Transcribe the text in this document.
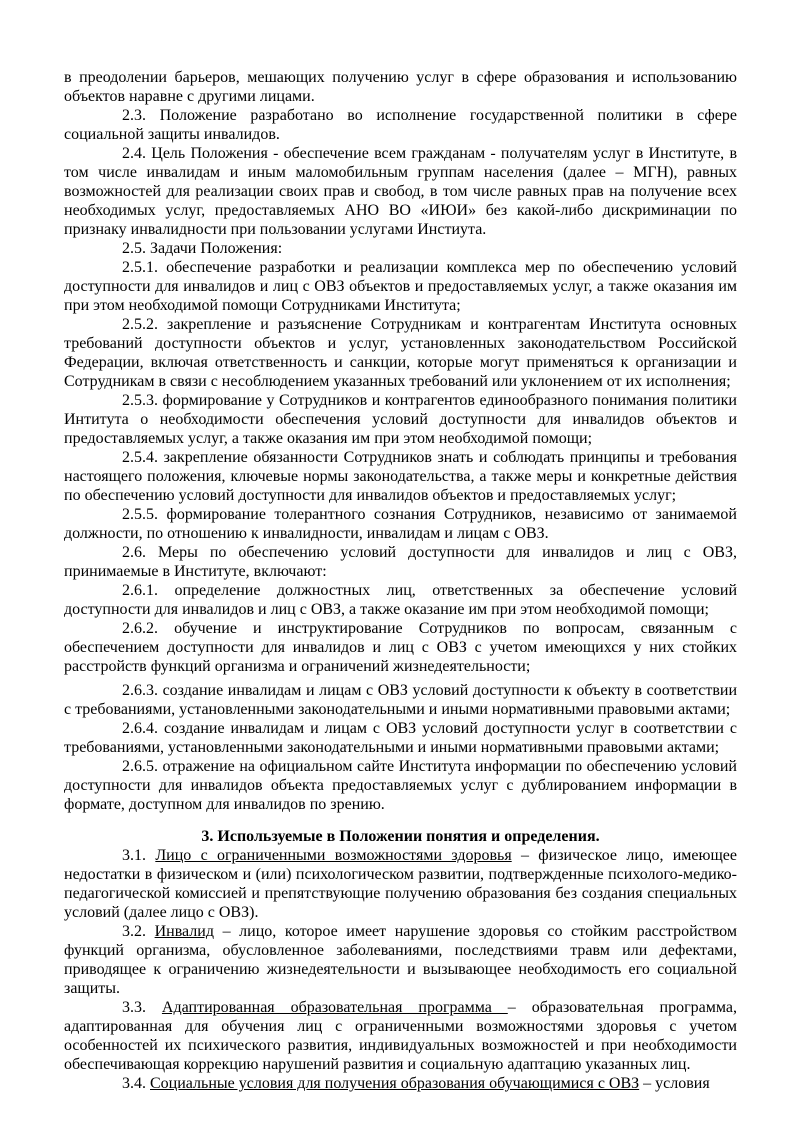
в преодолении барьеров, мешающих получению услуг в сфере образования и использованию объектов наравне с другими лицами.

2.3. Положение разработано во исполнение государственной политики в сфере социальной защиты инвалидов.

2.4. Цель Положения - обеспечение всем гражданам - получателям услуг в Институте, в том числе инвалидам и иным маломобильным группам населения (далее – МГН), равных возможностей для реализации своих прав и свобод, в том числе равных прав на получение всех необходимых услуг, предоставляемых АНО ВО «ИЮИ» без какой-либо дискриминации по признаку инвалидности при пользовании услугами Инстиута.

2.5. Задачи Положения:

2.5.1. обеспечение разработки и реализации комплекса мер по обеспечению условий доступности для инвалидов и лиц с ОВЗ объектов и предоставляемых услуг, а также оказания им при этом необходимой помощи Сотрудниками Института;

2.5.2. закрепление и разъяснение Сотрудникам и контрагентам Института основных требований доступности объектов и услуг, установленных законодательством Российской Федерации, включая ответственность и санкции, которые могут применяться к организации и Сотрудникам в связи с несоблюдением указанных требований или уклонением от их исполнения;

2.5.3. формирование у Сотрудников и контрагентов единообразного понимания политики Интитута о необходимости обеспечения условий доступности для инвалидов объектов и предоставляемых услуг, а также оказания им при этом необходимой помощи;

2.5.4. закрепление обязанности Сотрудников знать и соблюдать принципы и требования настоящего положения, ключевые нормы законодательства, а также меры и конкретные действия по обеспечению условий доступности для инвалидов объектов и предоставляемых услуг;

2.5.5. формирование толерантного сознания Сотрудников, независимо от занимаемой должности, по отношению к инвалидности, инвалидам и лицам с ОВЗ.

2.6. Меры по обеспечению условий доступности для инвалидов и лиц с ОВЗ, принимаемые в Институте, включают:

2.6.1. определение должностных лиц, ответственных за обеспечение условий доступности для инвалидов и лиц с ОВЗ, а также оказание им при этом необходимой помощи;

2.6.2. обучение и инструктирование Сотрудников по вопросам, связанным с обеспечением доступности для инвалидов и лиц с ОВЗ с учетом имеющихся у них стойких расстройств функций организма и ограничений жизнедеятельности;

2.6.3. создание инвалидам и лицам с ОВЗ условий доступности к объекту в соответствии с требованиями, установленными законодательными и иными нормативными правовыми актами;

2.6.4. создание инвалидам и лицам с ОВЗ условий доступности услуг в соответствии с требованиями, установленными законодательными и иными нормативными правовыми актами;

2.6.5. отражение на официальном сайте Института информации по обеспечению условий доступности для инвалидов объекта предоставляемых услуг с дублированием информации в формате, доступном для инвалидов по зрению.

3. Используемые в Положении понятия и определения.

3.1. Лицо с ограниченными возможностями здоровья – физическое лицо, имеющее недостатки в физическом и (или) психологическом развитии, подтвержденные психолого-медико-педагогической комиссией и препятствующие получению образования без создания специальных условий (далее лицо с ОВЗ).

3.2. Инвалид – лицо, которое имеет нарушение здоровья со стойким расстройством функций организма, обусловленное заболеваниями, последствиями травм или дефектами, приводящее к ограничению жизнедеятельности и вызывающее необходимость его социальной защиты.

3.3. Адаптированная образовательная программа – образовательная программа, адаптированная для обучения лиц с ограниченными возможностями здоровья с учетом особенностей их психического развития, индивидуальных возможностей и при необходимости обеспечивающая коррекцию нарушений развития и социальную адаптацию указанных лиц.

3.4. Социальные условия для получения образования обучающимися с ОВЗ – условия
